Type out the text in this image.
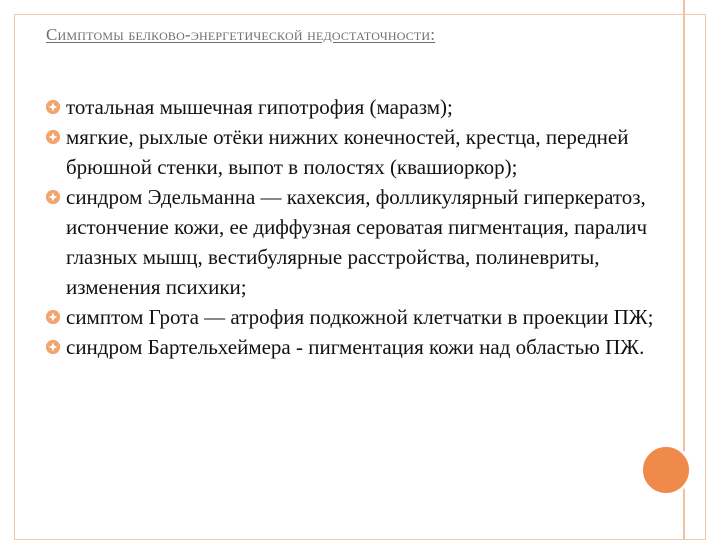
Симптомы белково-энергетической недостаточности:
тотальная мышечная гипотрофия (маразм);
мягкие, рыхлые отёки нижних конечностей, крестца, передней брюшной стенки, выпот в полостях (квашиоркор);
синдром Эдельманна — кахексия, фолликулярный гиперкератоз, истончение кожи, ее диффузная сероватая пигментация, паралич глазных мышц, вестибулярные расстройства, полиневриты, изменения психики;
симптом Грота — атрофия подкожной клетчатки в проекции ПЖ;
синдром Бартельхеймера - пигментация кожи над областью ПЖ.
